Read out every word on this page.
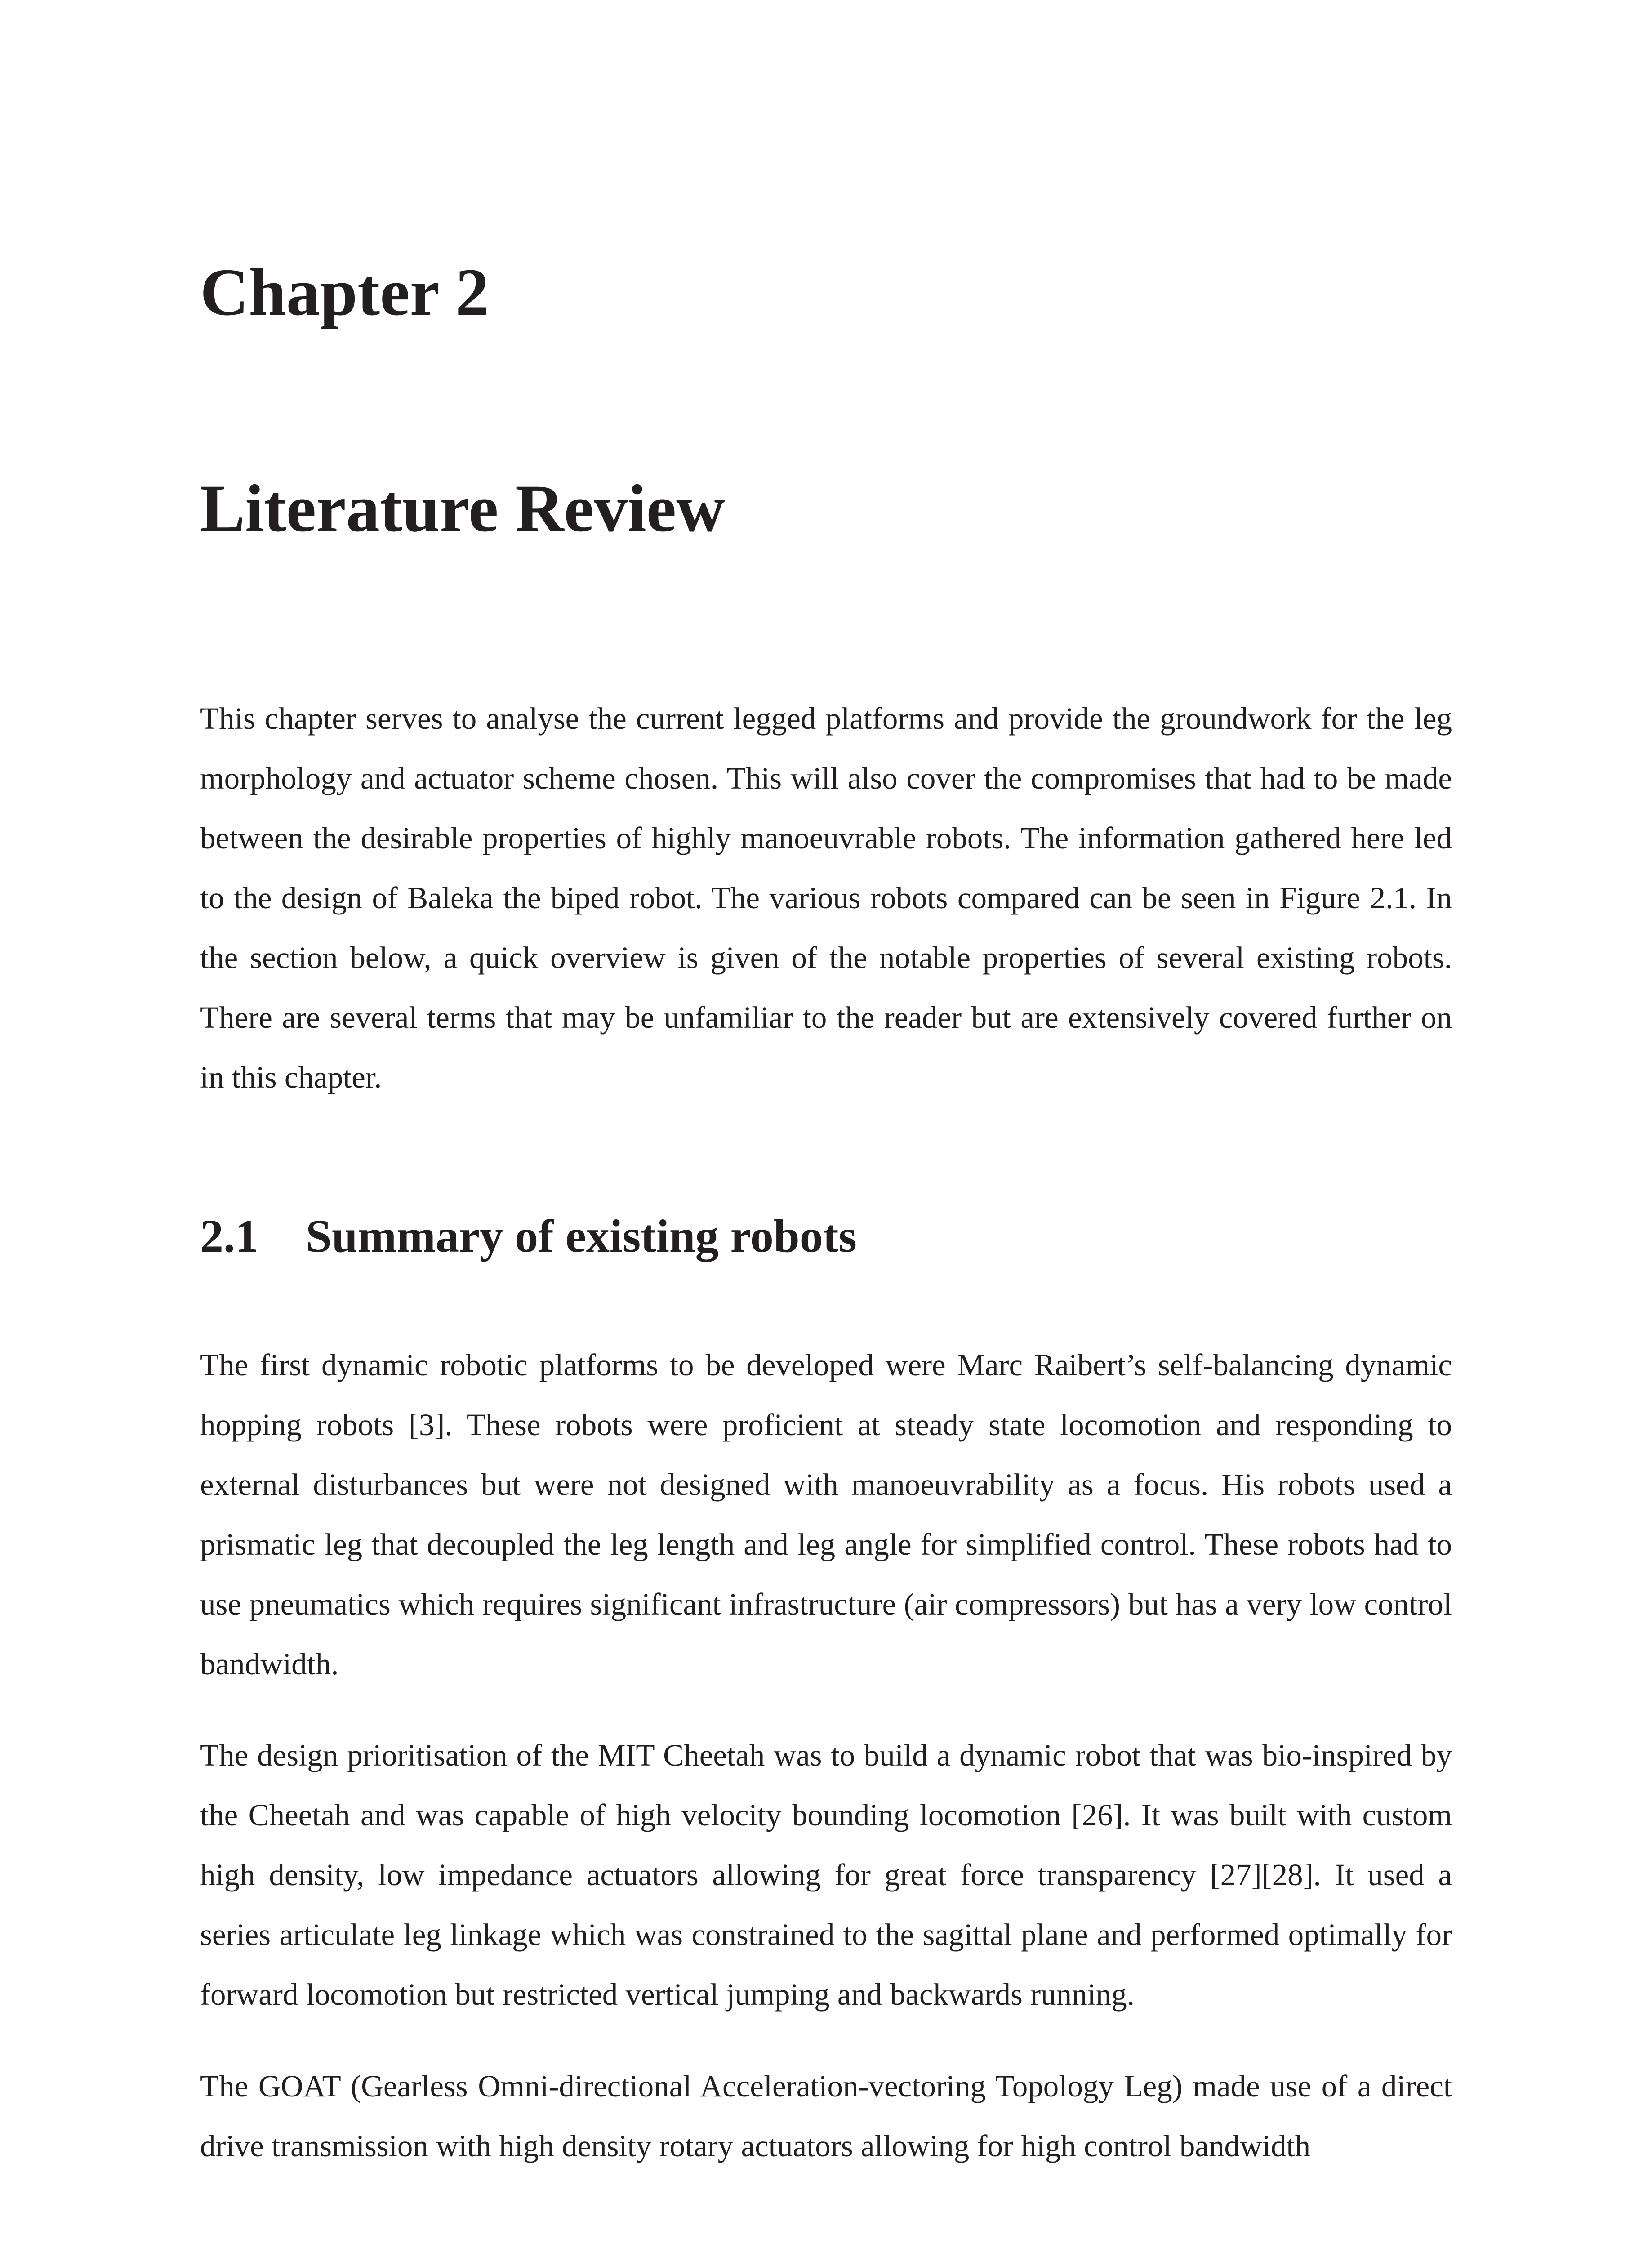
Chapter 2
Literature Review

This chapter serves to analyse the current legged platforms and provide the groundwork for the leg morphology and actuator scheme chosen. This will also cover the compromises that had to be made between the desirable properties of highly manoeuvrable robots. The information gathered here led to the design of Baleka the biped robot. The various robots compared can be seen in Figure 2.1. In the section below, a quick overview is given of the notable properties of several existing robots. There are several terms that may be unfamiliar to the reader but are extensively covered further on in this chapter.

2.1 Summary of existing robots

The first dynamic robotic platforms to be developed were Marc Raibert’s self-balancing dynamic hopping robots [3]. These robots were proficient at steady state locomotion and responding to external disturbances but were not designed with manoeuvrability as a focus. His robots used a prismatic leg that decoupled the leg length and leg angle for simplified control. These robots had to use pneumatics which requires significant infrastructure (air compressors) but has a very low control bandwidth.

The design prioritisation of the MIT Cheetah was to build a dynamic robot that was bio-inspired by the Cheetah and was capable of high velocity bounding locomotion [26]. It was built with custom high density, low impedance actuators allowing for great force transparency [27][28]. It used a series articulate leg linkage which was constrained to the sagittal plane and performed optimally for forward locomotion but restricted vertical jumping and backwards running.

The GOAT (Gearless Omni-directional Acceleration-vectoring Topology Leg) made use of a direct drive transmission with high density rotary actuators allowing for high control bandwidth
